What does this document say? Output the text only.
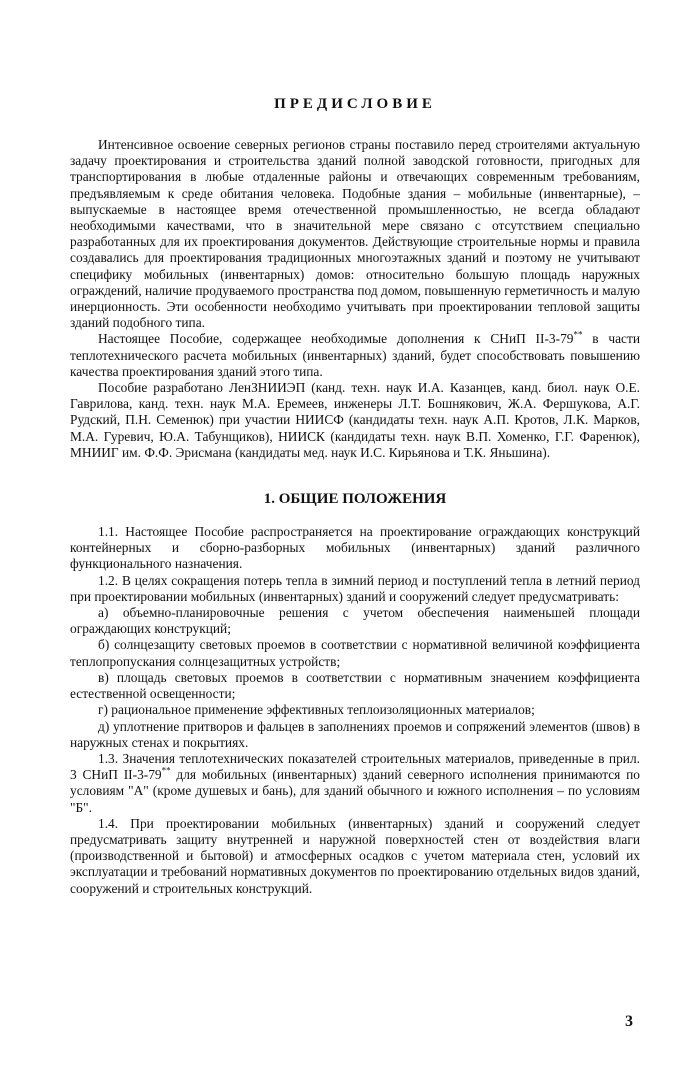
ПРЕДИСЛОВИЕ

Интенсивное освоение северных регионов страны поставило перед строителями актуальную задачу проектирования и строительства зданий полной заводской готовности, пригодных для транспортирования в любые отдаленные районы и отвечающих современным требованиям, предъявляемым к среде обитания человека. Подобные здания – мобильные (инвентарные), – выпускаемые в настоящее время отечественной промышленностью, не всегда обладают необходимыми качествами, что в значительной мере связано с отсутствием специально разработанных для их проектирования документов. Действующие строительные нормы и правила создавались для проектирования традиционных многоэтажных зданий и поэтому не учитывают специфику мобильных (инвентарных) домов: относительно большую площадь наружных ограждений, наличие продуваемого пространства под домом, повышенную герметичность и малую инерционность. Эти особенности необходимо учитывать при проектировании тепловой защиты зданий подобного типа.

Настоящее Пособие, содержащее необходимые дополнения к СНиП II-3-79** в части теплотехнического расчета мобильных (инвентарных) зданий, будет способствовать повышению качества проектирования зданий этого типа.

Пособие разработано ЛенЗНИИЭП (канд. техн. наук И.А. Казанцев, канд. биол. наук О.Е. Гаврилова, канд. техн. наук М.А. Еремеев, инженеры Л.Т. Бошнякович, Ж.А. Фершукова, А.Г. Рудский, П.Н. Семенюк) при участии НИИСФ (кандидаты техн. наук А.П. Кротов, Л.К. Марков, М.А. Гуревич, Ю.А. Табунщиков), НИИСК (кандидаты техн. наук В.П. Хоменко, Г.Г. Фаренюк), МНИИГ им. Ф.Ф. Эрисмана (кандидаты мед. наук И.С. Кирьянова и Т.К. Яньшина).

1. ОБЩИЕ ПОЛОЖЕНИЯ

1.1. Настоящее Пособие распространяется на проектирование ограждающих конструкций контейнерных и сборно-разборных мобильных (инвентарных) зданий различного функционального назначения.

1.2. В целях сокращения потерь тепла в зимний период и поступлений тепла в летний период при проектировании мобильных (инвентарных) зданий и сооружений следует предусматривать:

а) объемно-планировочные решения с учетом обеспечения наименьшей площади ограждающих конструкций;

б) солнцезащиту световых проемов в соответствии с нормативной величиной коэффициента теплопропускания солнцезащитных устройств;

в) площадь световых проемов в соответствии с нормативным значением коэффициента естественной освещенности;

г) рациональное применение эффективных теплоизоляционных материалов;

д) уплотнение притворов и фальцев в заполнениях проемов и сопряжений элементов (швов) в наружных стенах и покрытиях.

1.3. Значения теплотехнических показателей строительных материалов, приведенные в прил. 3 СНиП II-3-79** для мобильных (инвентарных) зданий северного исполнения принимаются по условиям "А" (кроме душевых и бань), для зданий обычного и южного исполнения – по условиям "Б".

1.4. При проектировании мобильных (инвентарных) зданий и сооружений следует предусматривать защиту внутренней и наружной поверхностей стен от воздействия влаги (производственной и бытовой) и атмосферных осадков с учетом материала стен, условий их эксплуатации и требований нормативных документов по проектированию отдельных видов зданий, сооружений и строительных конструкций.

3
